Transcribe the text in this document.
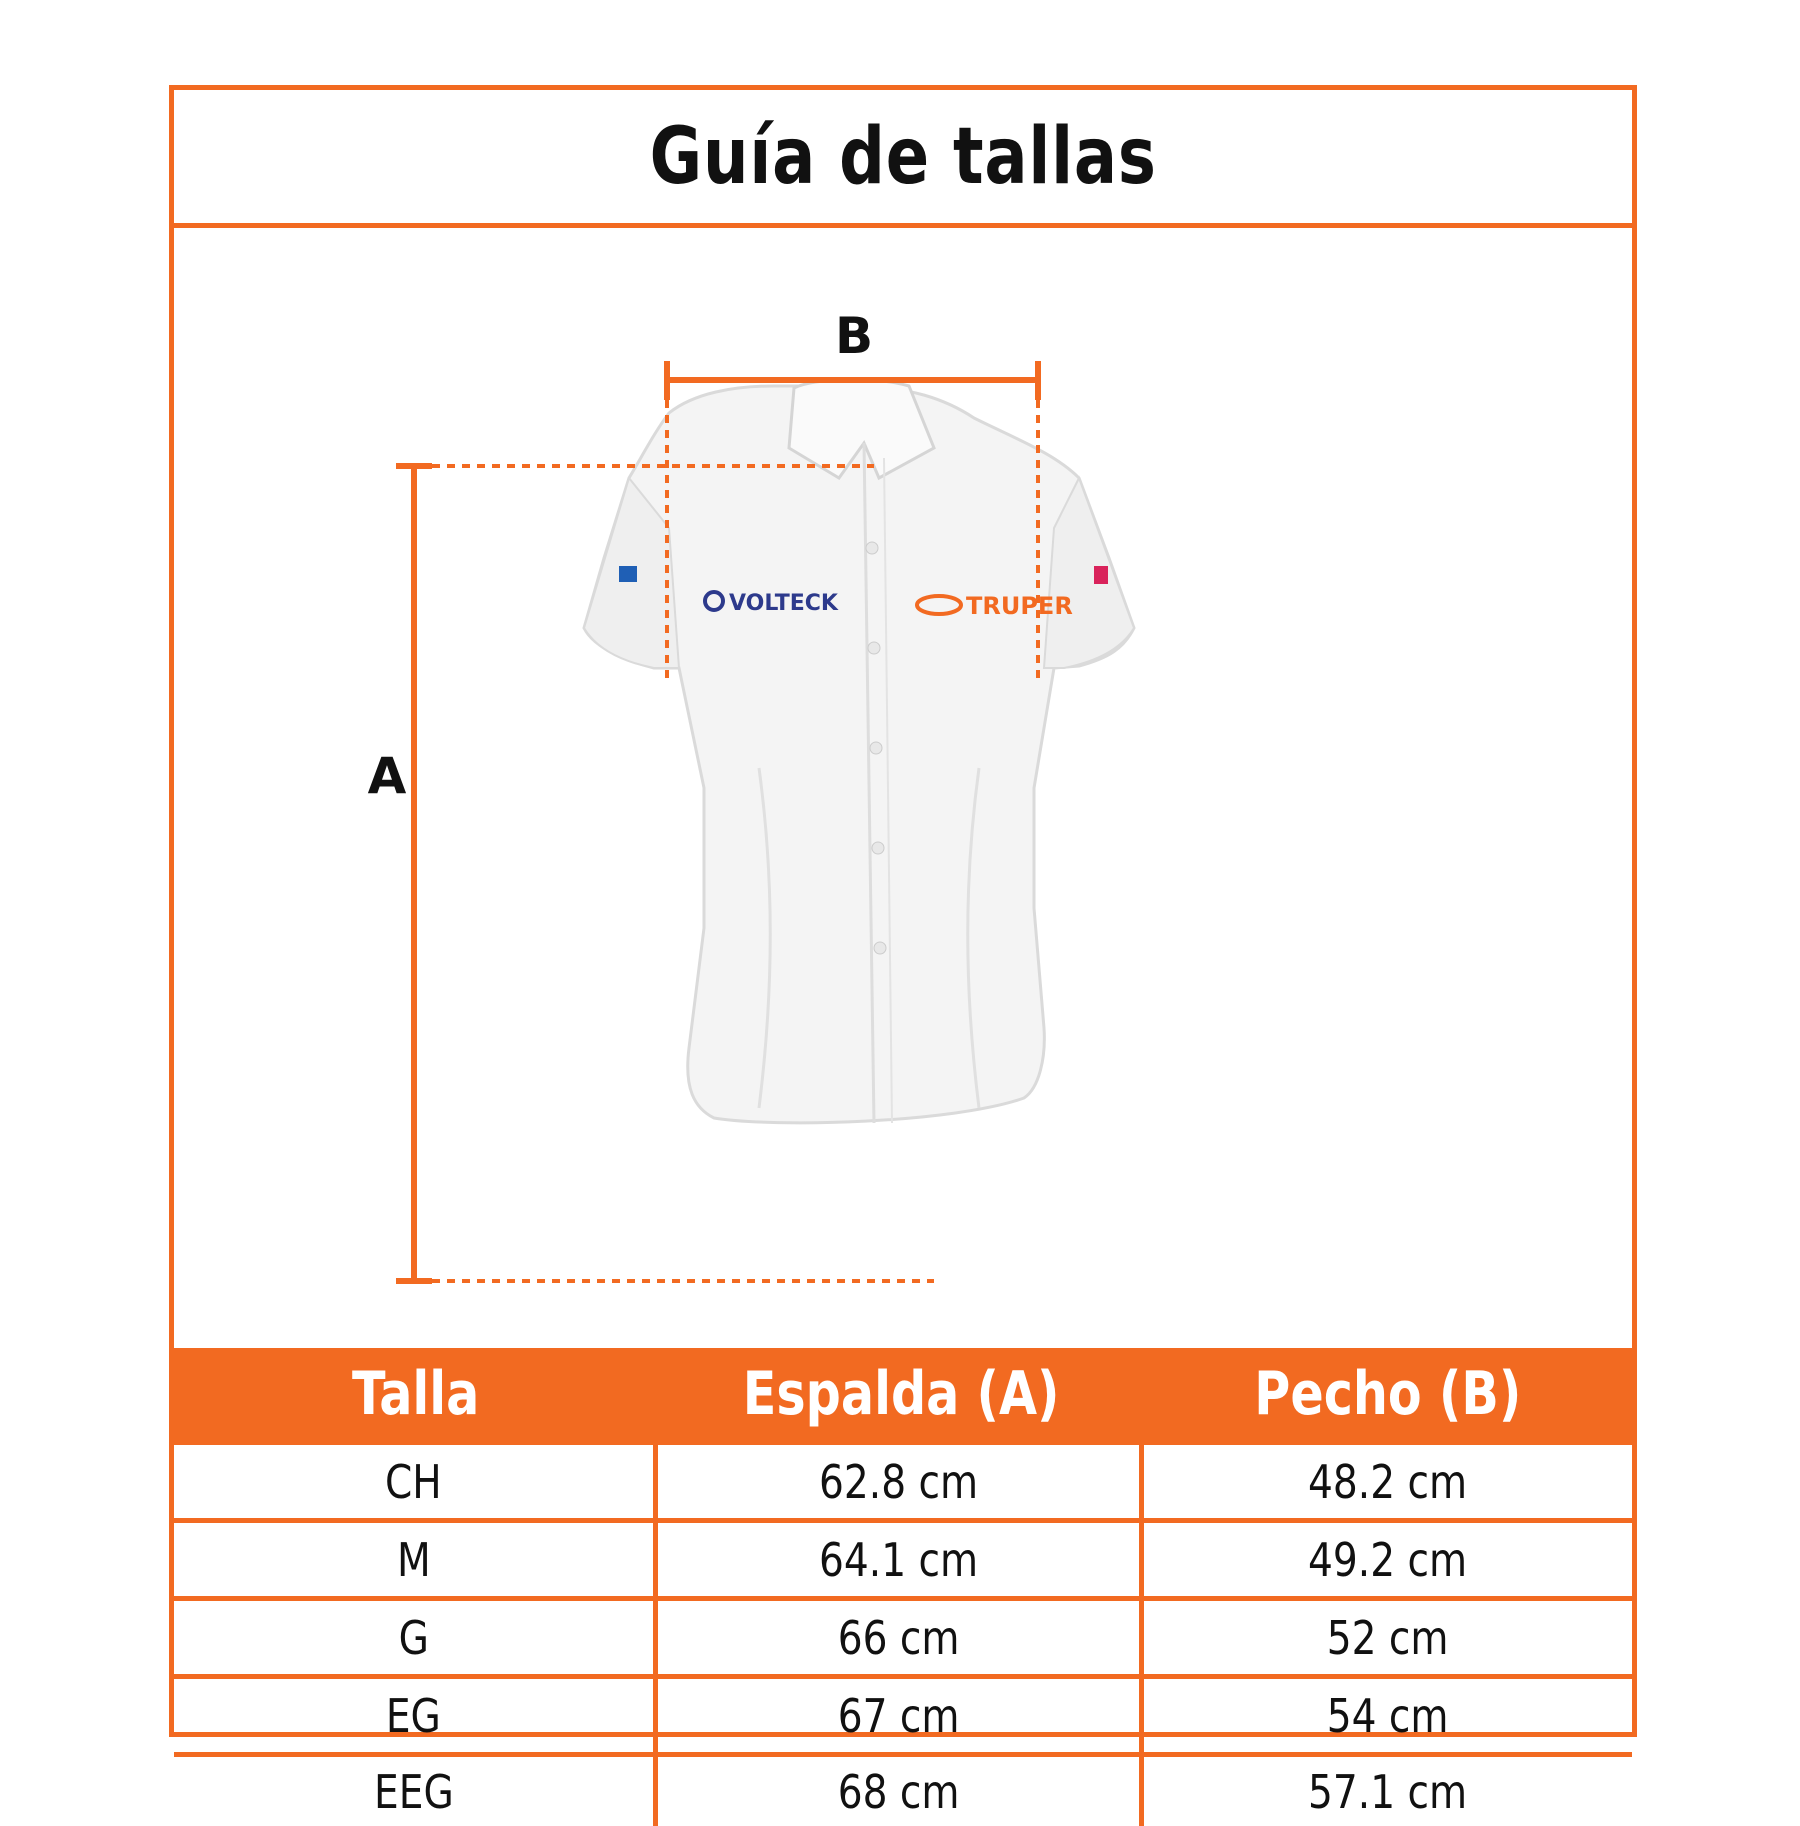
Guía de tallas
VOLTECK	TRUPER
B
A
Talla	Espalda (A)	Pecho (B)
CH	62.8 cm	48.2 cm
M	64.1 cm	49.2 cm
G	66 cm	52 cm
EG	67 cm	54 cm
EEG	68 cm	57.1 cm
